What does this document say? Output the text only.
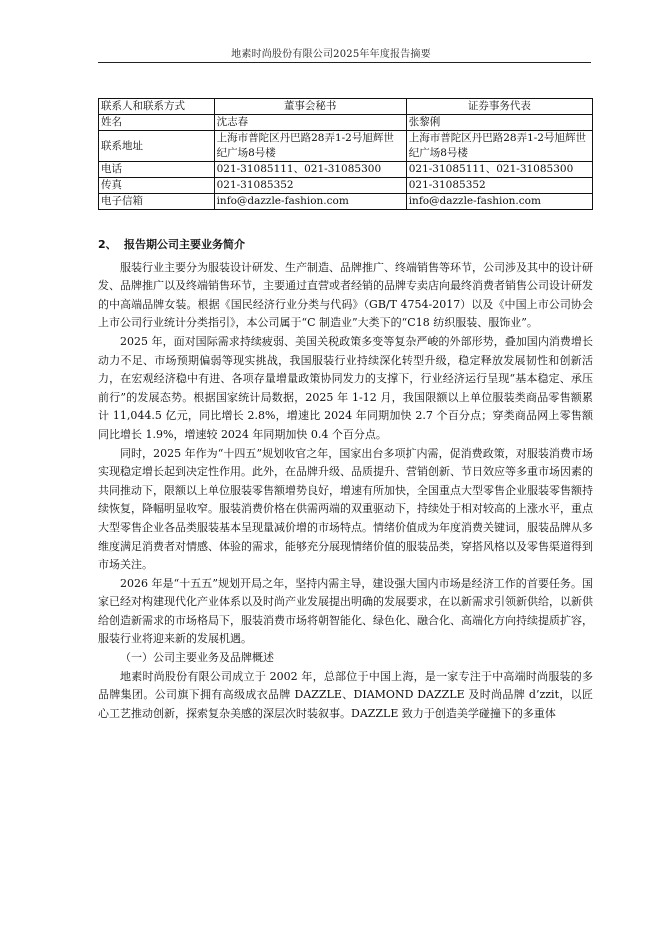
地素时尚股份有限公司2025年年度报告摘要
联系人和联系方式	董事会秘书	证券事务代表
姓名	沈志春	张黎俐
联系地址	上海市普陀区丹巴路28弄1-2号旭辉世纪广场8号楼	上海市普陀区丹巴路28弄1-2号旭辉世纪广场8号楼
电话	021-31085111、021-31085300	021-31085111、021-31085300
传真	021-31085352	021-31085352
电子信箱	info@dazzle-fashion.com	info@dazzle-fashion.com
2、 报告期公司主要业务简介

服装行业主要分为服装设计研发、生产制造、品牌推广、终端销售等环节，公司涉及其中的设计研发、品牌推广以及终端销售环节，主要通过直营或者经销的品牌专卖店向最终消费者销售公司设计研发的中高端品牌女装。根据《国民经济行业分类与代码》（GB/T 4754-2017）以及《中国上市公司协会上市公司行业统计分类指引》，本公司属于“C 制造业”大类下的“C18 纺织服装、服饰业”。

2025 年，面对国际需求持续疲弱、美国关税政策多变等复杂严峻的外部形势，叠加国内消费增长动力不足、市场预期偏弱等现实挑战，我国服装行业持续深化转型升级，稳定释放发展韧性和创新活力，在宏观经济稳中有进、各项存量增量政策协同发力的支撑下，行业经济运行呈现“基本稳定、承压前行”的发展态势。根据国家统计局数据，2025 年 1-12 月，我国限额以上单位服装类商品零售额累计 11,044.5 亿元，同比增长 2.8%，增速比 2024 年同期加快 2.7 个百分点；穿类商品网上零售额同比增长 1.9%，增速较 2024 年同期加快 0.4 个百分点。

同时，2025 年作为“十四五”规划收官之年，国家出台多项扩内需，促消费政策，对服装消费市场实现稳定增长起到决定性作用。此外，在品牌升级、品质提升、营销创新、节日效应等多重市场因素的共同推动下，限额以上单位服装零售额增势良好，增速有所加快，全国重点大型零售企业服装零售额持续恢复，降幅明显收窄。服装消费价格在供需两端的双重驱动下，持续处于相对较高的上涨水平，重点大型零售企业各品类服装基本呈现量减价增的市场特点。情绪价值成为年度消费关键词，服装品牌从多维度满足消费者对情感、体验的需求，能够充分展现情绪价值的服装品类，穿搭风格以及零售渠道得到市场关注。

2026 年是“十五五”规划开局之年，坚持内需主导，建设强大国内市场是经济工作的首要任务。国家已经对构建现代化产业体系以及时尚产业发展提出明确的发展要求，在以新需求引领新供给，以新供给创造新需求的市场格局下，服装消费市场将朝智能化、绿色化、融合化、高端化方向持续提质扩容，服装行业将迎来新的发展机遇。

（一）公司主要业务及品牌概述

地素时尚股份有限公司成立于 2002 年，总部位于中国上海，是一家专注于中高端时尚服装的多品牌集团。公司旗下拥有高级成衣品牌 DAZZLE、DIAMOND DAZZLE 及时尚品牌 d’zzit，以匠心工艺推动创新，探索复杂美感的深层次时装叙事。DAZZLE 致力于创造美学碰撞下的多重体
